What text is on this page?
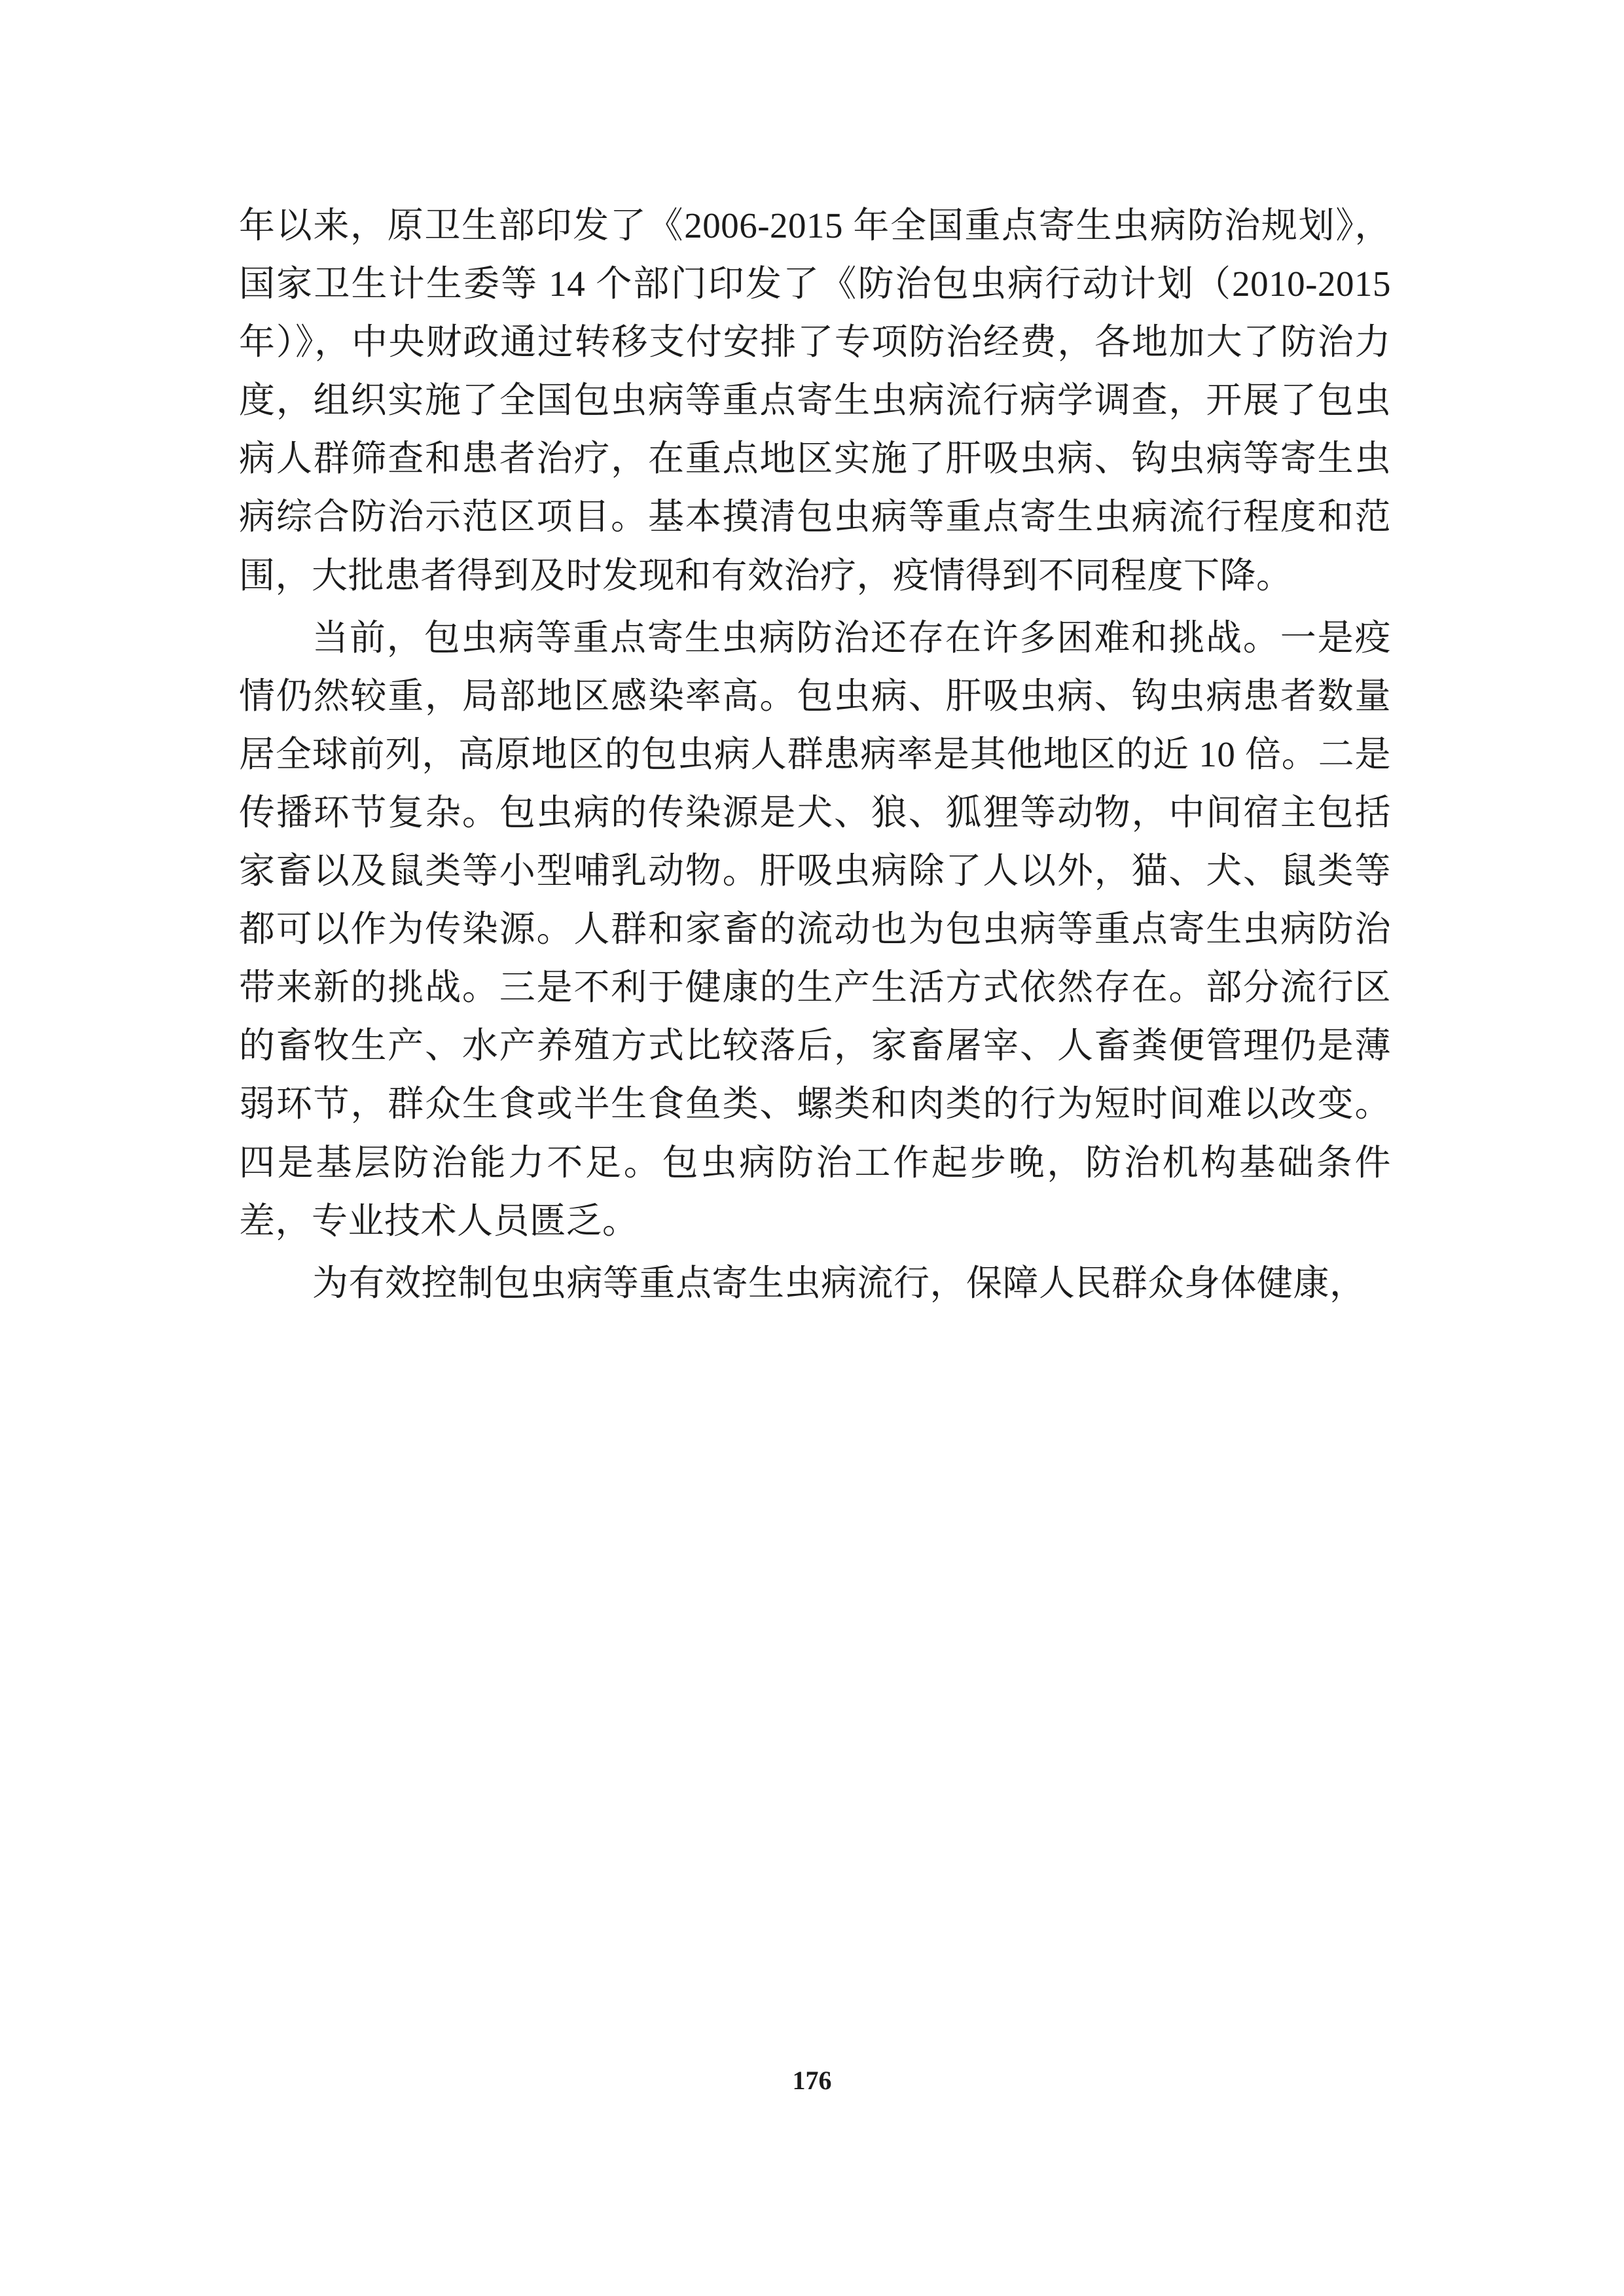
年以来，原卫生部印发了《2006-2015 年全国重点寄生虫病防治规划》，国家卫生计生委等 14 个部门印发了《防治包虫病行动计划（2010-2015年）》，中央财政通过转移支付安排了专项防治经费，各地加大了防治力度，组织实施了全国包虫病等重点寄生虫病流行病学调查，开展了包虫病人群筛查和患者治疗，在重点地区实施了肝吸虫病、钩虫病等寄生虫病综合防治示范区项目。基本摸清包虫病等重点寄生虫病流行程度和范围，大批患者得到及时发现和有效治疗，疫情得到不同程度下降。

当前，包虫病等重点寄生虫病防治还存在许多困难和挑战。一是疫情仍然较重，局部地区感染率高。包虫病、肝吸虫病、钩虫病患者数量居全球前列，高原地区的包虫病人群患病率是其他地区的近 10 倍。二是传播环节复杂。包虫病的传染源是犬、狼、狐狸等动物，中间宿主包括家畜以及鼠类等小型哺乳动物。肝吸虫病除了人以外，猫、犬、鼠类等都可以作为传染源。人群和家畜的流动也为包虫病等重点寄生虫病防治带来新的挑战。三是不利于健康的生产生活方式依然存在。部分流行区的畜牧生产、水产养殖方式比较落后，家畜屠宰、人畜粪便管理仍是薄弱环节，群众生食或半生食鱼类、螺类和肉类的行为短时间难以改变。四是基层防治能力不足。包虫病防治工作起步晚，防治机构基础条件差，专业技术人员匮乏。

为有效控制包虫病等重点寄生虫病流行，保障人民群众身体健康，

176
